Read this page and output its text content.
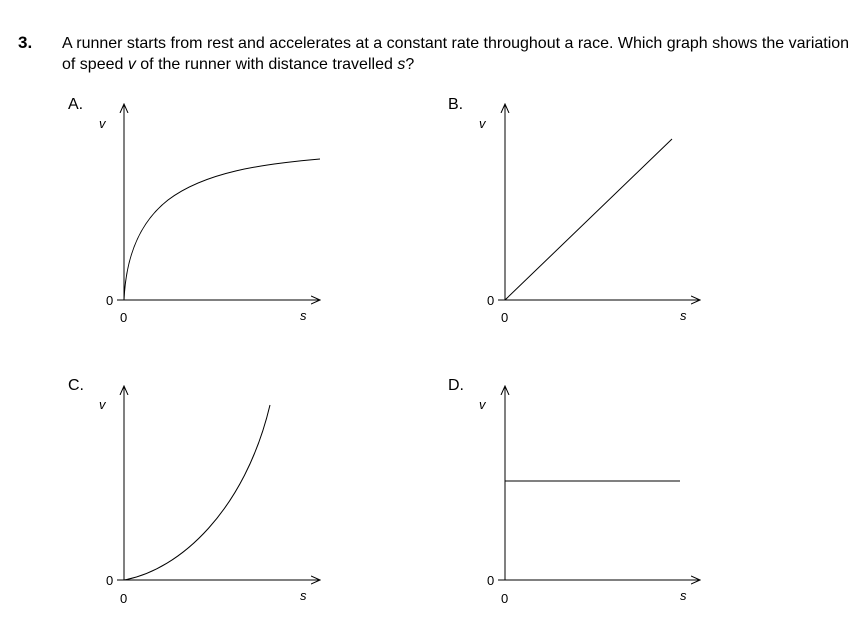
3. A runner starts from rest and accelerates at a constant rate throughout a race. Which graph shows the variation of speed v of the runner with distance travelled s?
A.	B.
C.	D.
v
s
0
0
v
s
0
0
v
s
0
0
v
s
0
0
